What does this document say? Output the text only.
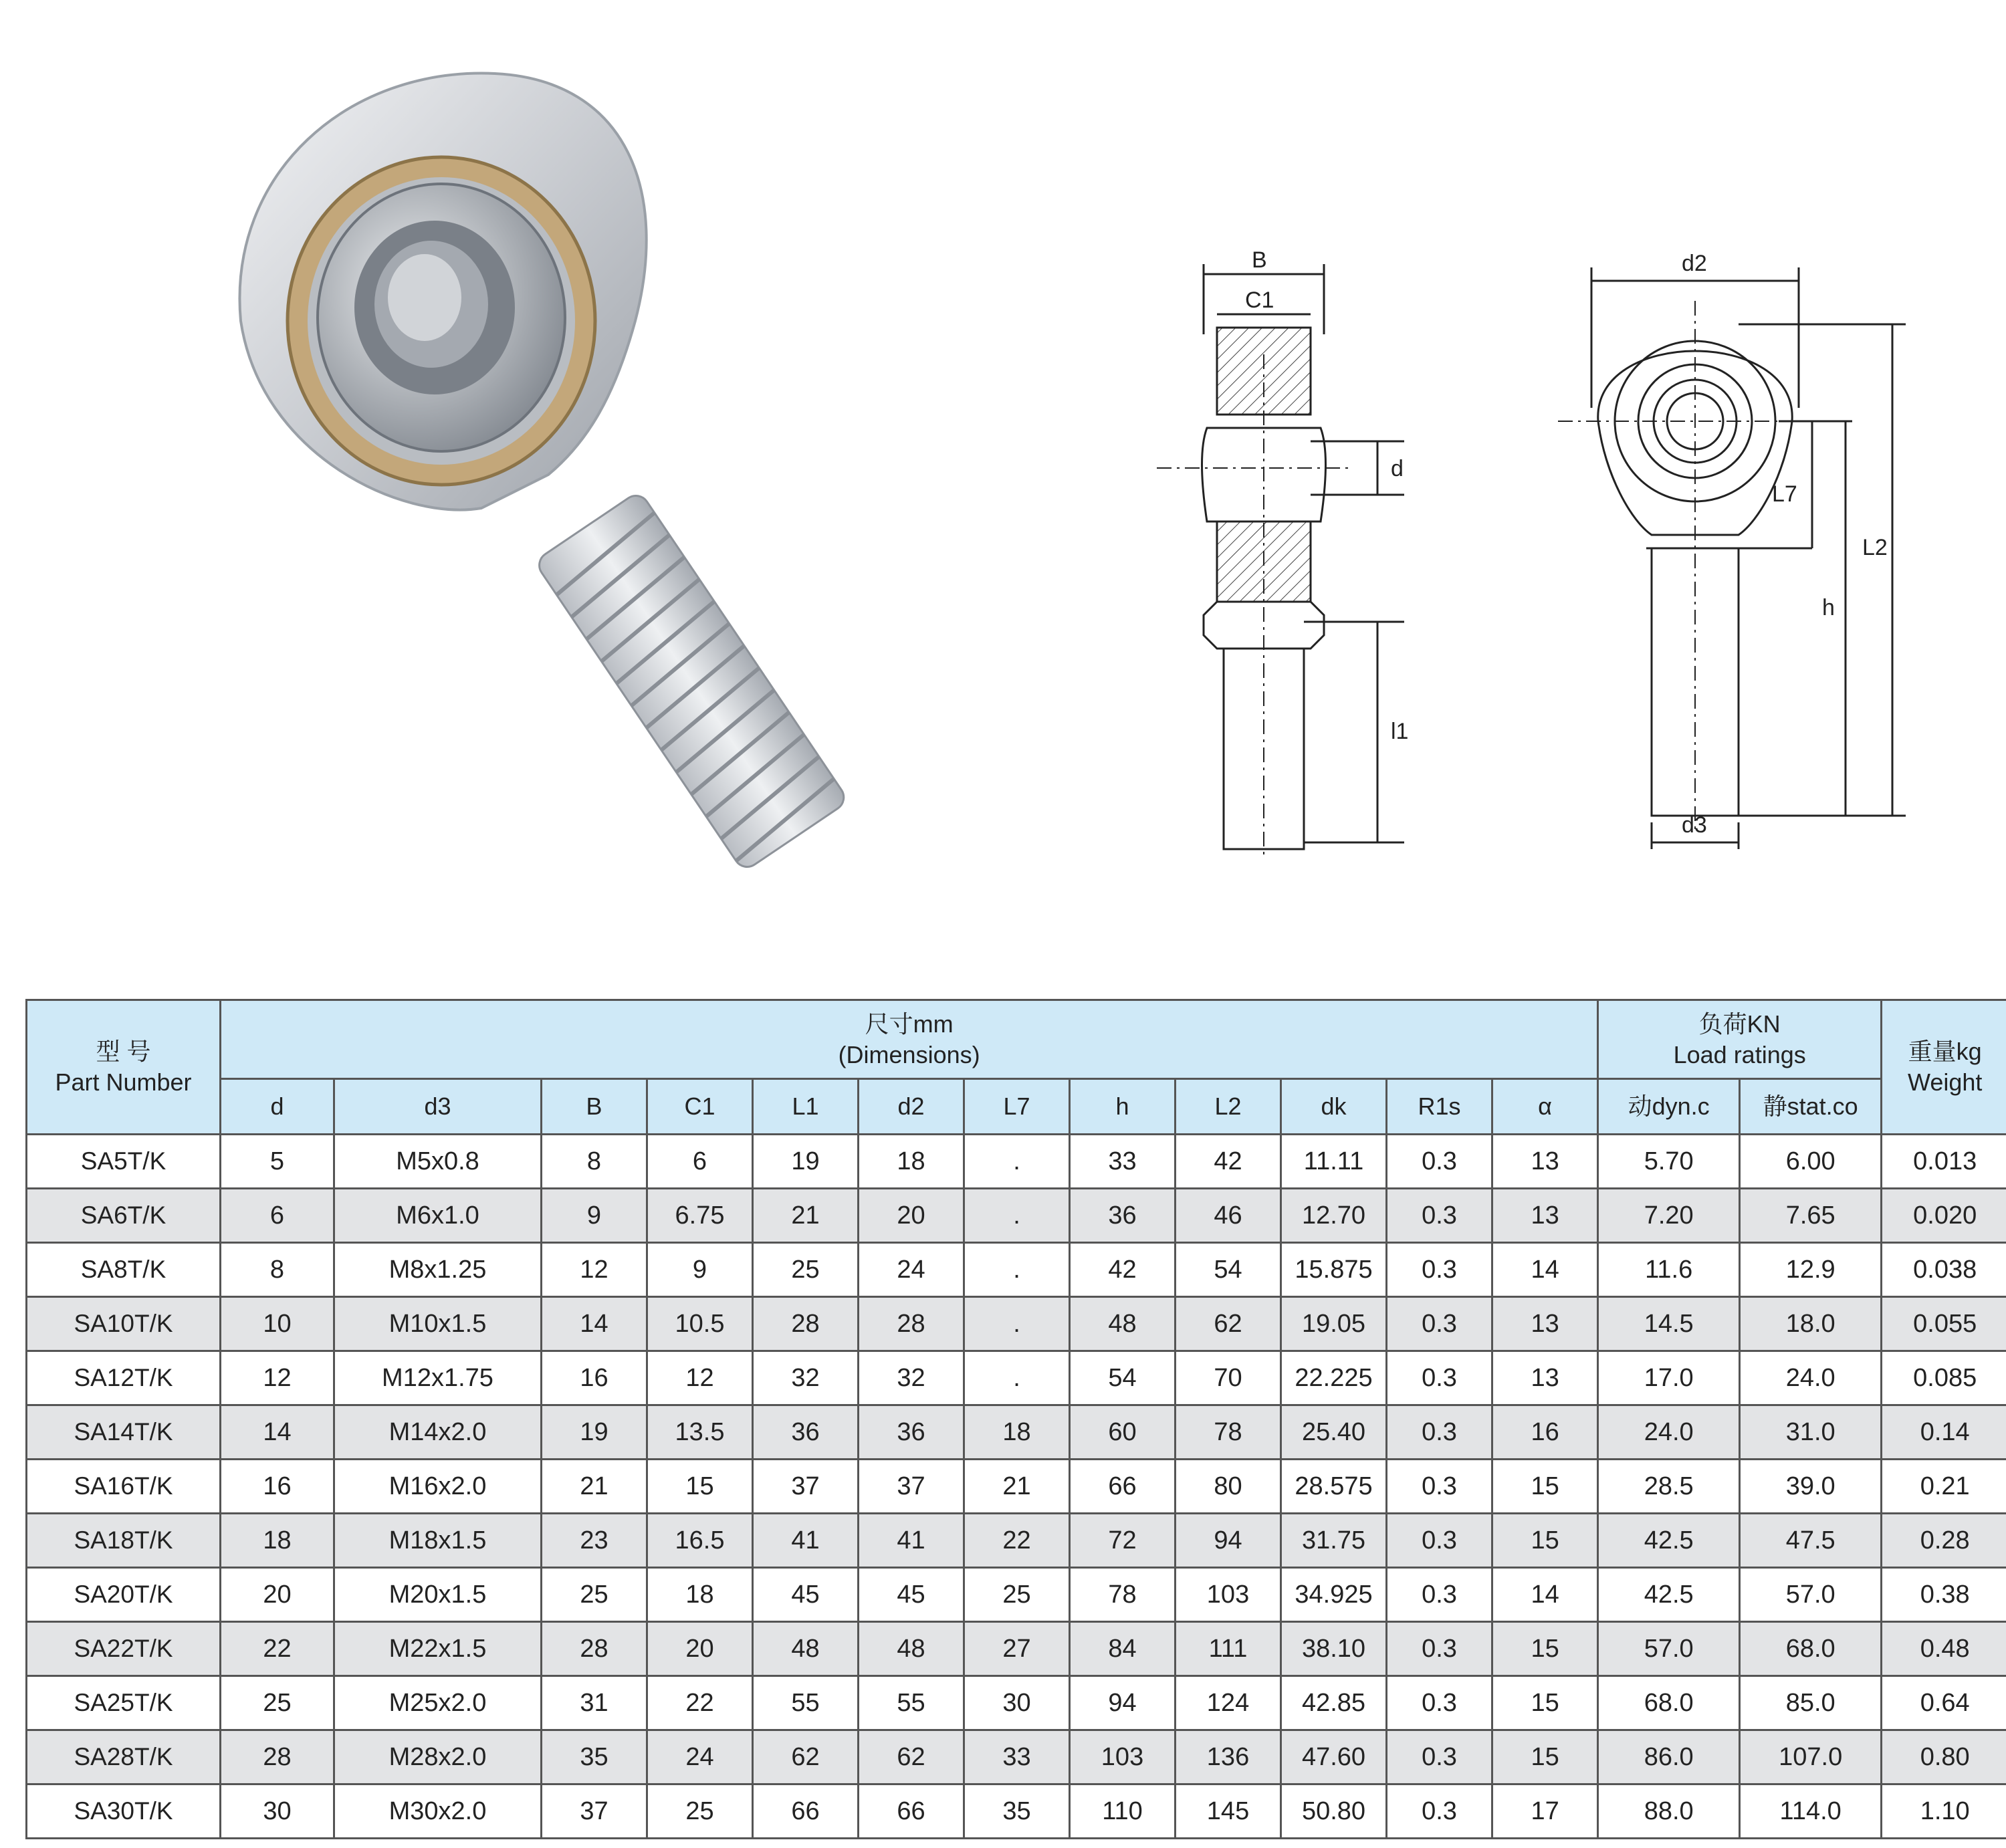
B
C1
d
l1
d2
L7
h
L2
d3
型 号
Part Number	尺寸mm
(Dimensions)												负荷KN
Load ratings		重量kg
Weight

	d	d3	B	C1	L1	d2	L7	h	L2	dk	R1s	α	动dyn.c	静stat.co	
SA5T/K	5	M5x0.8	8	6	19	18	.	33	42	11.11	0.3	13	5.70	6.00	0.013
SA6T/K	6	M6x1.0	9	6.75	21	20	.	36	46	12.70	0.3	13	7.20	7.65	0.020
SA8T/K	8	M8x1.25	12	9	25	24	.	42	54	15.875	0.3	14	11.6	12.9	0.038
SA10T/K	10	M10x1.5	14	10.5	28	28	.	48	62	19.05	0.3	13	14.5	18.0	0.055
SA12T/K	12	M12x1.75	16	12	32	32	.	54	70	22.225	0.3	13	17.0	24.0	0.085
SA14T/K	14	M14x2.0	19	13.5	36	36	18	60	78	25.40	0.3	16	24.0	31.0	0.14
SA16T/K	16	M16x2.0	21	15	37	37	21	66	80	28.575	0.3	15	28.5	39.0	0.21
SA18T/K	18	M18x1.5	23	16.5	41	41	22	72	94	31.75	0.3	15	42.5	47.5	0.28
SA20T/K	20	M20x1.5	25	18	45	45	25	78	103	34.925	0.3	14	42.5	57.0	0.38
SA22T/K	22	M22x1.5	28	20	48	48	27	84	111	38.10	0.3	15	57.0	68.0	0.48
SA25T/K	25	M25x2.0	31	22	55	55	30	94	124	42.85	0.3	15	68.0	85.0	0.64
SA28T/K	28	M28x2.0	35	24	62	62	33	103	136	47.60	0.3	15	86.0	107.0	0.80
SA30T/K	30	M30x2.0	37	25	66	66	35	110	145	50.80	0.3	17	88.0	114.0	1.10
